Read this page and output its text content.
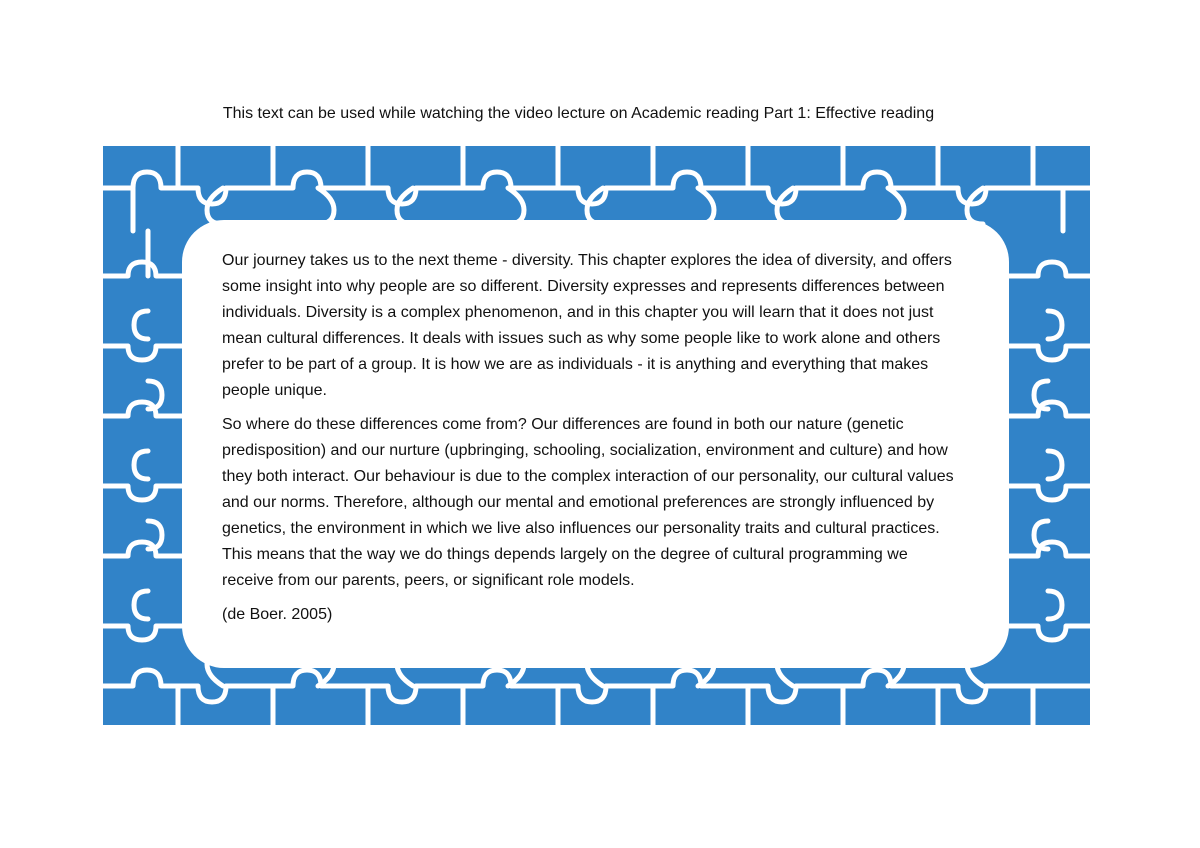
This text can be used while watching the video lecture on Academic reading Part 1: Effective reading

Our journey takes us to the next theme - diversity. This chapter explores the idea of diversity, and offers some insight into why people are so different. Diversity expresses and represents differences between individuals. Diversity is a complex phenomenon, and in this chapter you will learn that it does not just mean cultural differences. It deals with issues such as why some people like to work alone and others prefer to be part of a group. It is how we are as individuals - it is anything and everything that makes people unique.

So where do these differences come from? Our differences are found in both our nature (genetic predisposition) and our nurture (upbringing, schooling, socialization, environment and culture) and how they both interact. Our behaviour is due to the complex interaction of our personality, our cultural values and our norms. Therefore, although our mental and emotional preferences are strongly influenced by genetics, the environment in which we live also influences our personality traits and cultural practices. This means that the way we do things depends largely on the degree of cultural programming we receive from our parents, peers, or significant role models.

(de Boer. 2005)
